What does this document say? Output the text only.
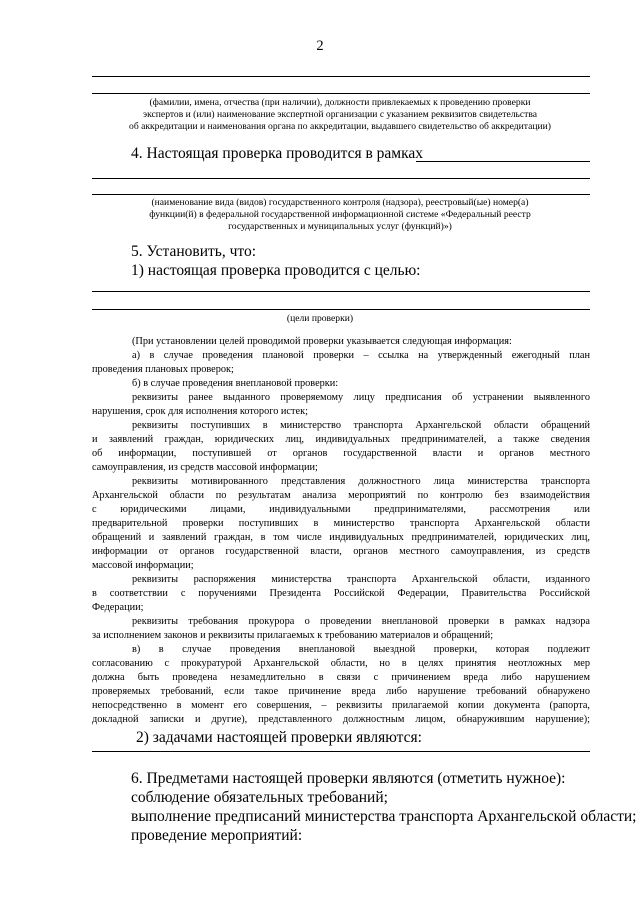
2
(фамилии, имена, отчества (при наличии), должности привлекаемых к проведению проверки
экспертов и (или) наименование экспертной организации с указанием реквизитов свидетельства
об аккредитации и наименования органа по аккредитации, выдавшего свидетельство об аккредитации)
4. Настоящая проверка проводится в рамках
(наименование вида (видов) государственного контроля (надзора), реестровый(ые) номер(а)
функции(й) в федеральной государственной информационной системе «Федеральный реестр
государственных и муниципальных услуг (функций)»)
5. Установить, что:
1) настоящая проверка проводится с целью:
(цели проверки)
(При установлении целей проводимой проверки указывается следующая информация:
а) в случае проведения плановой проверки – ссылка на утвержденный ежегодный план
проведения плановых проверок;
б) в случае проведения внеплановой проверки:
реквизиты ранее выданного проверяемому лицу предписания об устранении выявленного
нарушения, срок для исполнения которого истек;
реквизиты поступивших в министерство транспорта Архангельской области обращений
и заявлений граждан, юридических лиц, индивидуальных предпринимателей, а также сведения
об информации, поступившей от органов государственной власти и органов местного
самоуправления, из средств массовой информации;
реквизиты мотивированного представления должностного лица министерства транспорта
Архангельской области по результатам анализа мероприятий по контролю без взаимодействия
с юридическими лицами, индивидуальными предпринимателями, рассмотрения или
предварительной проверки поступивших в министерство транспорта Архангельской области
обращений и заявлений граждан, в том числе индивидуальных предпринимателей, юридических лиц,
информации от органов государственной власти, органов местного самоуправления, из средств
массовой информации;
реквизиты распоряжения министерства транспорта Архангельской области, изданного
в соответствии с поручениями Президента Российской Федерации, Правительства Российской
Федерации;
реквизиты требования прокурора о проведении внеплановой проверки в рамках надзора
за исполнением законов и реквизиты прилагаемых к требованию материалов и обращений;
в) в случае проведения внеплановой выездной проверки, которая подлежит
согласованию с прокуратурой Архангельской области, но в целях принятия неотложных мер
должна быть проведена незамедлительно в связи с причинением вреда либо нарушением
проверяемых требований, если такое причинение вреда либо нарушение требований обнаружено
непосредственно в момент его совершения, – реквизиты прилагаемой копии документа (рапорта,
докладной записки и другие), представленного должностным лицом, обнаружившим нарушение);
2) задачами настоящей проверки являются:
6. Предметами настоящей проверки являются (отметить нужное):
соблюдение обязательных требований;
выполнение предписаний министерства транспорта Архангельской области;
проведение мероприятий:
